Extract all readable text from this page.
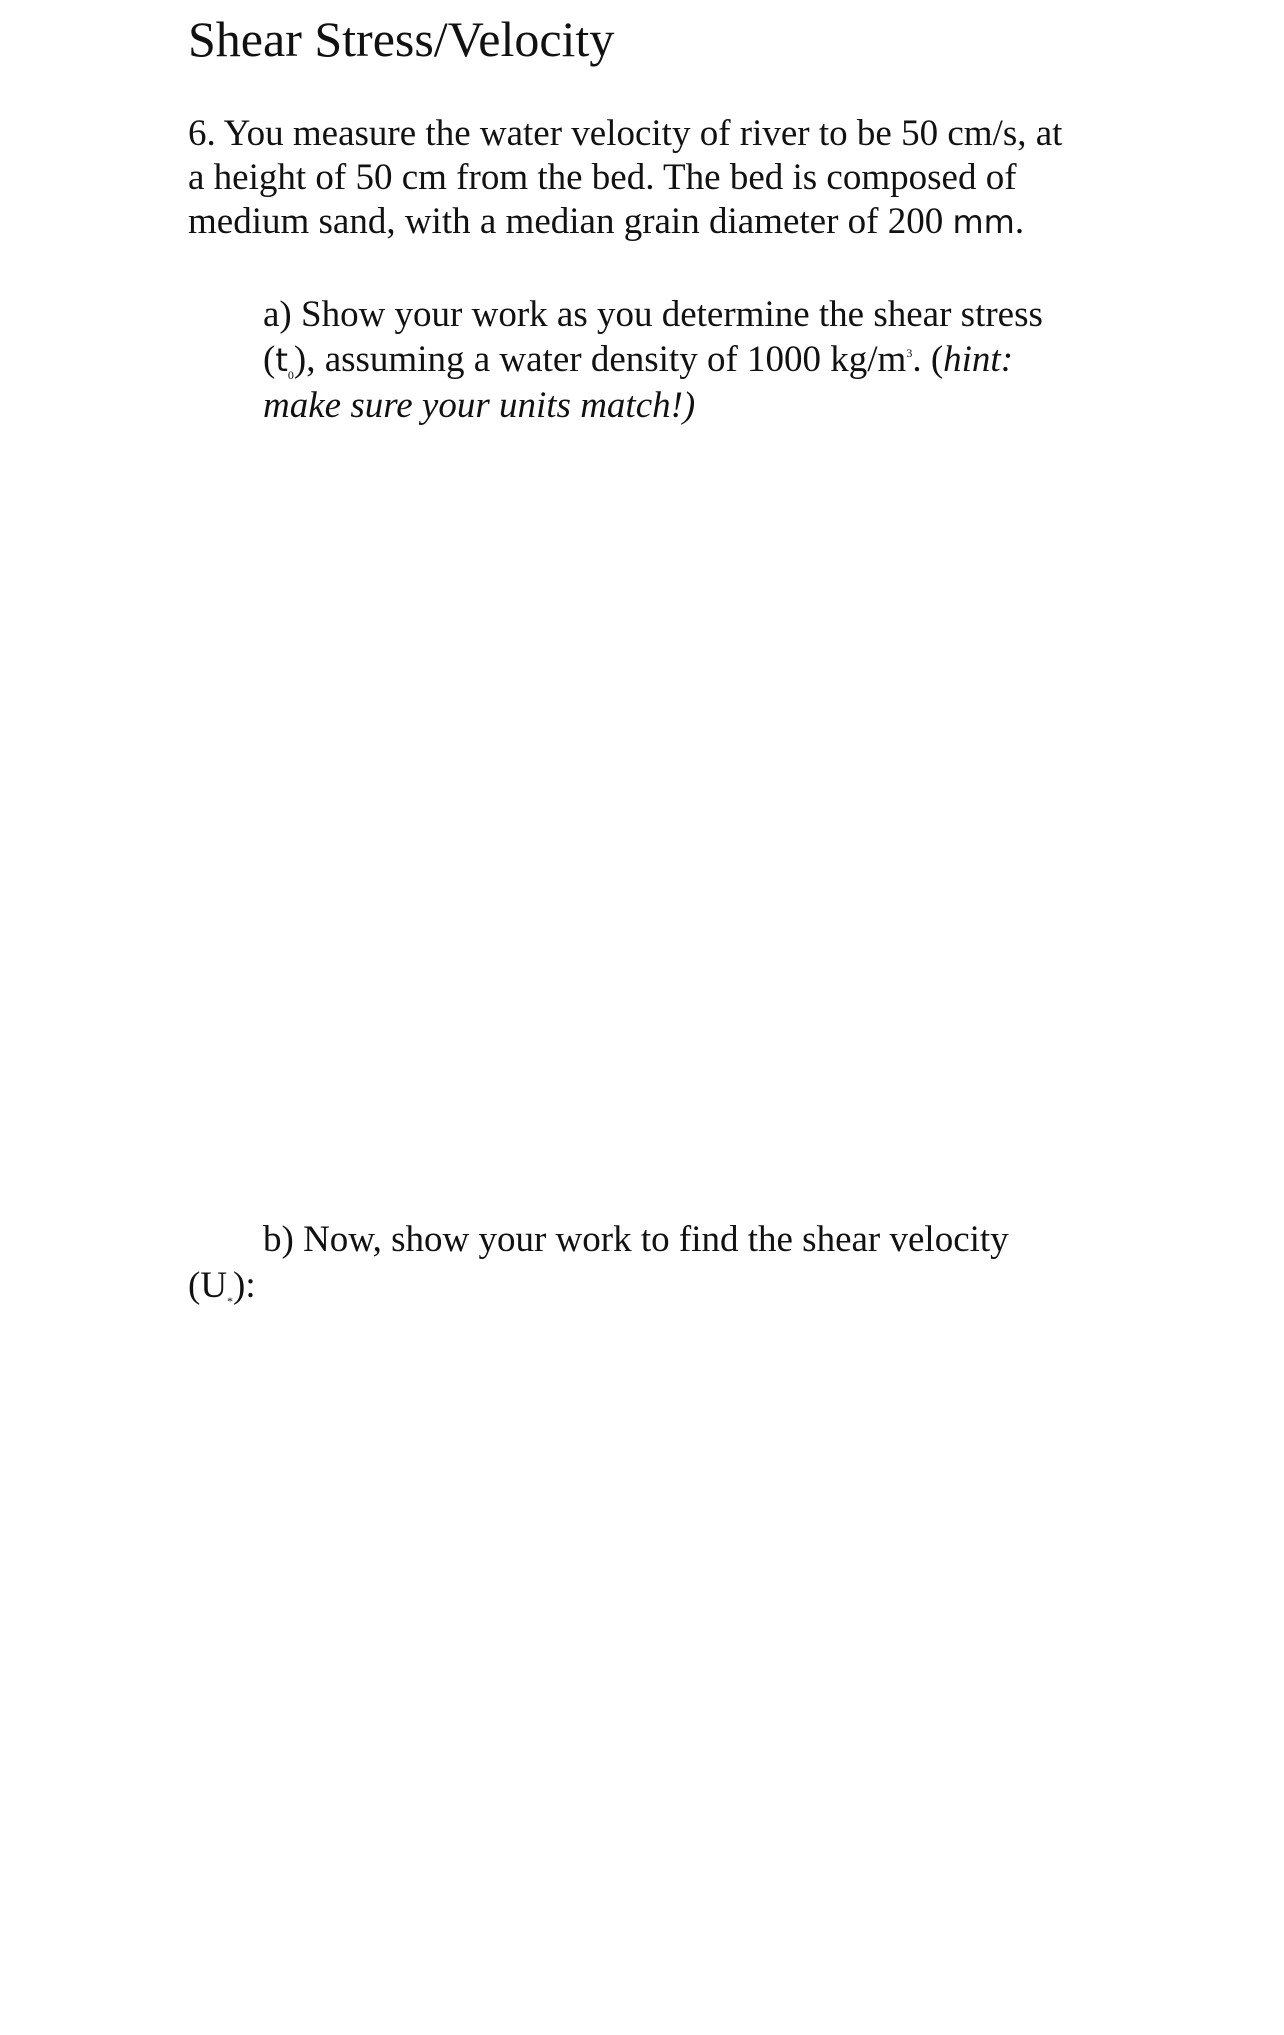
Shear Stress/Velocity
6. You measure the water velocity of river to be 50 cm/s, at
a height of 50 cm from the bed. The bed is composed of
medium sand, with a median grain diameter of 200 mm.
a) Show your work as you determine the shear stress
$(t_0)$, assuming a water density of 1000 $kg/m^3$. (hint:
make sure your units match!)
b) Now, show your work to find the shear velocity
$(U_*)$:
